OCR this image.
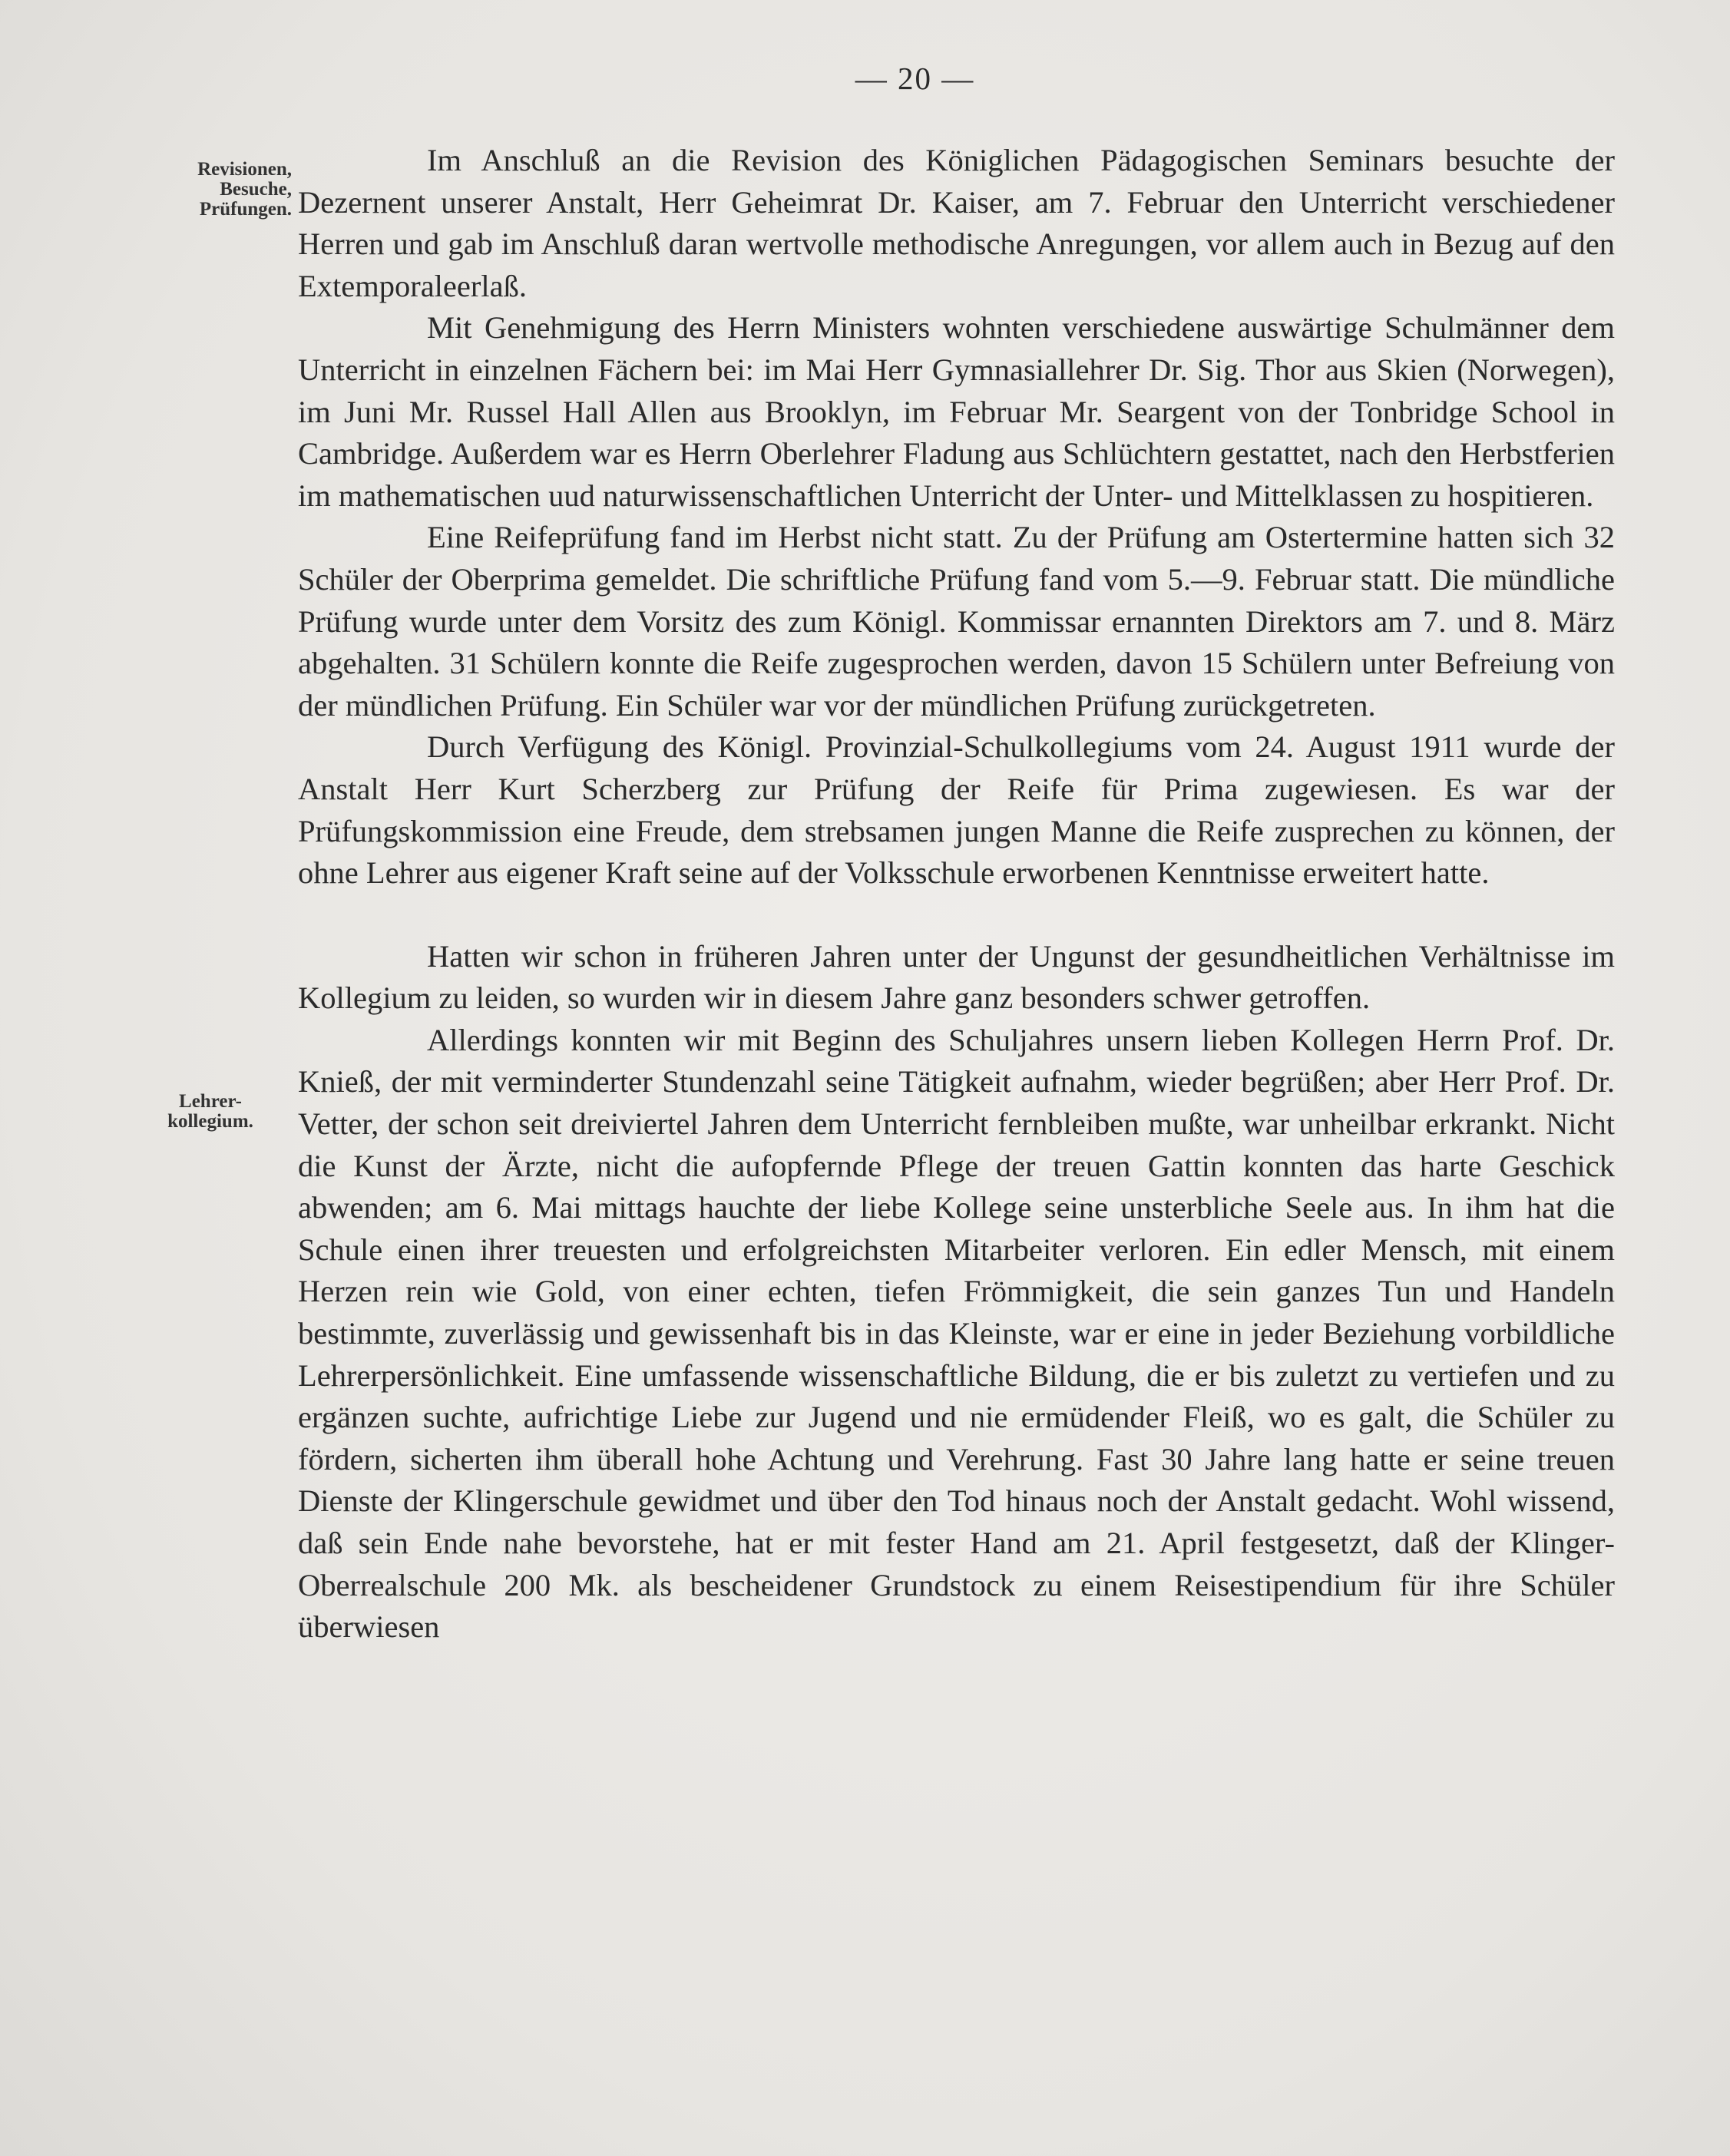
— 20 —
Revisionen,
Besuche,
Prüfungen.
Lehrer-
kollegium.

Im Anschluß an die Revision des Königlichen Pädagogischen Seminars besuchte der Dezernent unserer Anstalt, Herr Geheimrat Dr. Kaiser, am 7. Februar den Unterricht verschiedener Herren und gab im Anschluß daran wertvolle methodische Anregungen, vor allem auch in Bezug auf den Extemporaleerlaß.

Mit Genehmigung des Herrn Ministers wohnten verschiedene auswärtige Schulmänner dem Unterricht in einzelnen Fächern bei: im Mai Herr Gymnasiallehrer Dr. Sig. Thor aus Skien (Norwegen), im Juni Mr. Russel Hall Allen aus Brooklyn, im Februar Mr. Seargent von der Tonbridge School in Cambridge. Außerdem war es Herrn Oberlehrer Fladung aus Schlüchtern gestattet, nach den Herbstferien im mathematischen uud naturwissenschaftlichen Unterricht der Unter- und Mittelklassen zu hospitieren.

Eine Reifeprüfung fand im Herbst nicht statt. Zu der Prüfung am Ostertermine hatten sich 32 Schüler der Oberprima gemeldet. Die schriftliche Prüfung fand vom 5.—9. Februar statt. Die mündliche Prüfung wurde unter dem Vorsitz des zum Königl. Kommissar ernannten Direktors am 7. und 8. März abgehalten. 31 Schülern konnte die Reife zugesprochen werden, davon 15 Schülern unter Befreiung von der mündlichen Prüfung. Ein Schüler war vor der mündlichen Prüfung zurückgetreten.

Durch Verfügung des Königl. Provinzial-Schulkollegiums vom 24. August 1911 wurde der Anstalt Herr Kurt Scherzberg zur Prüfung der Reife für Prima zugewiesen. Es war der Prüfungskommission eine Freude, dem strebsamen jungen Manne die Reife zusprechen zu können, der ohne Lehrer aus eigener Kraft seine auf der Volksschule erworbenen Kenntnisse erweitert hatte.

Hatten wir schon in früheren Jahren unter der Ungunst der gesundheitlichen Verhältnisse im Kollegium zu leiden, so wurden wir in diesem Jahre ganz besonders schwer getroffen.

Allerdings konnten wir mit Beginn des Schuljahres unsern lieben Kollegen Herrn Prof. Dr. Knieß, der mit verminderter Stundenzahl seine Tätigkeit aufnahm, wieder begrüßen; aber Herr Prof. Dr. Vetter, der schon seit dreiviertel Jahren dem Unterricht fernbleiben mußte, war unheilbar erkrankt. Nicht die Kunst der Ärzte, nicht die aufopfernde Pflege der treuen Gattin konnten das harte Geschick abwenden; am 6. Mai mittags hauchte der liebe Kollege seine unsterbliche Seele aus. In ihm hat die Schule einen ihrer treuesten und erfolgreichsten Mitarbeiter verloren. Ein edler Mensch, mit einem Herzen rein wie Gold, von einer echten, tiefen Frömmigkeit, die sein ganzes Tun und Handeln bestimmte, zuverlässig und gewissenhaft bis in das Kleinste, war er eine in jeder Beziehung vorbildliche Lehrerpersönlichkeit. Eine umfassende wissenschaftliche Bildung, die er bis zuletzt zu vertiefen und zu ergänzen suchte, aufrichtige Liebe zur Jugend und nie ermüdender Fleiß, wo es galt, die Schüler zu fördern, sicherten ihm überall hohe Achtung und Verehrung. Fast 30 Jahre lang hatte er seine treuen Dienste der Klingerschule gewidmet und über den Tod hinaus noch der Anstalt gedacht. Wohl wissend, daß sein Ende nahe bevorstehe, hat er mit fester Hand am 21. April festgesetzt, daß der Klinger-Oberrealschule 200 Mk. als bescheidener Grundstock zu einem Reisestipendium für ihre Schüler überwiesen
